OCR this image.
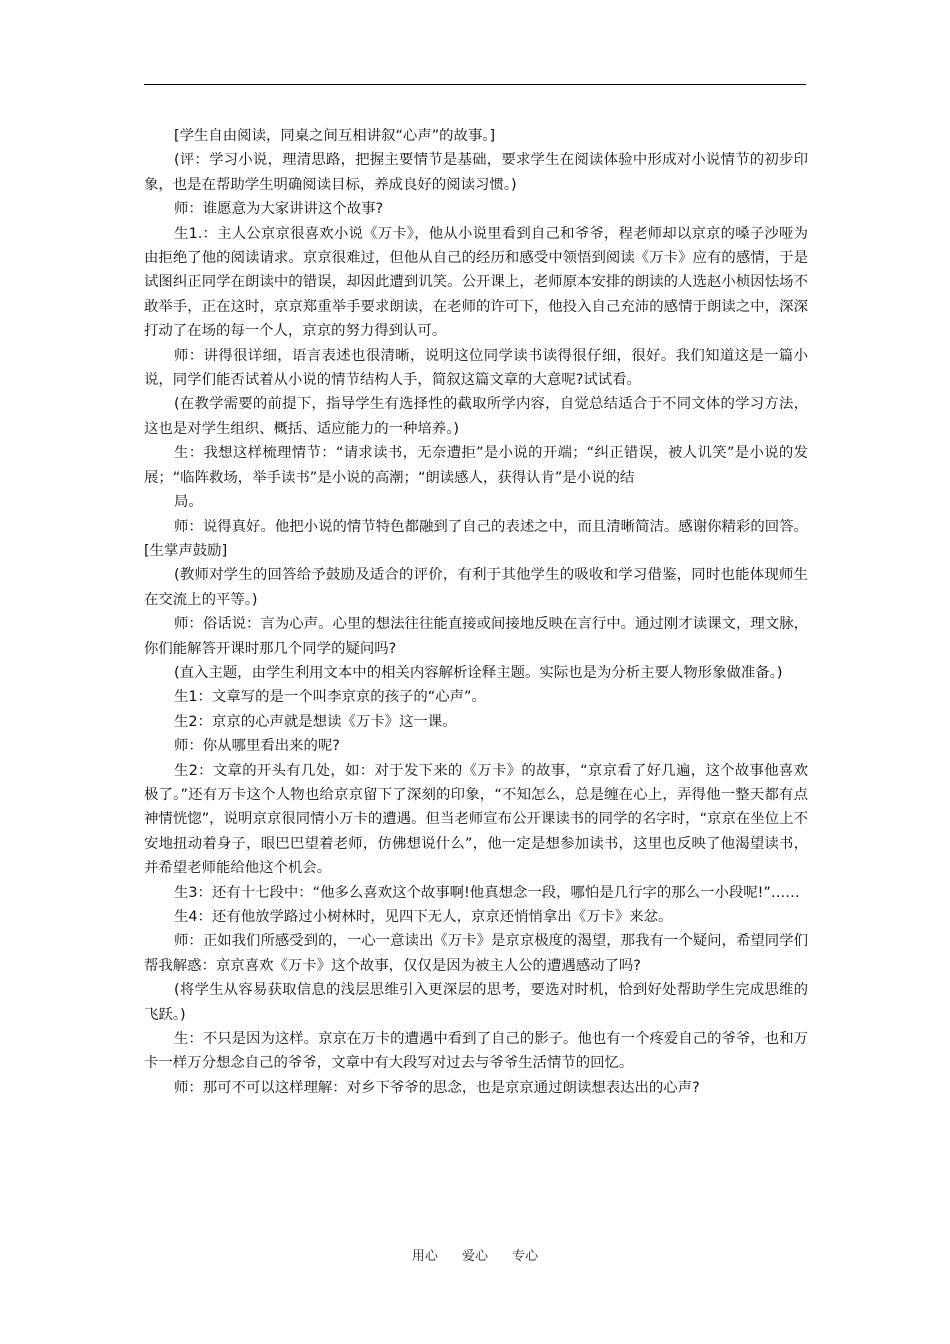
[学生自由阅读，同桌之间互相讲叙“心声”的故事。]

(评：学习小说，理清思路，把握主要情节是基础，要求学生在阅读体验中形成对小说情节的初步印象，也是在帮助学生明确阅读目标，养成良好的阅读习惯。)

师：谁愿意为大家讲讲这个故事?

生1.：主人公京京很喜欢小说《万卡》，他从小说里看到自己和爷爷，程老师却以京京的嗓子沙哑为由拒绝了他的阅读请求。京京很难过，但他从自己的经历和感受中领悟到阅读《万卡》应有的感情，于是试图纠正同学在朗读中的错误，却因此遭到讥笑。公开课上，老师原本安排的朗读的人选赵小桢因怯场不敢举手，正在这时，京京郑重举手要求朗读，在老师的许可下，他投入自己充沛的感情于朗读之中，深深打动了在场的每一个人，京京的努力得到认可。

师：讲得很详细，语言表述也很清晰，说明这位同学读书读得很仔细，很好。我们知道这是一篇小说，同学们能否试着从小说的情节结构人手，简叙这篇文章的大意呢?试试看。

(在教学需要的前提下，指导学生有选择性的截取所学内容，自觉总结适合于不同文体的学习方法，这也是对学生组织、概括、适应能力的一种培养。)

生：我想这样梳理情节：“请求读书，无奈遭拒”是小说的开端；“纠正错误，被人讥笑”是小说的发展；“临阵救场，举手读书”是小说的高潮；“朗读感人，获得认肯”是小说的结

局。

师：说得真好。他把小说的情节特色都融到了自己的表述之中，而且清晰简洁。感谢你精彩的回答。[生掌声鼓励]

(教师对学生的回答给予鼓励及适合的评价，有利于其他学生的吸收和学习借鉴，同时也能体现师生在交流上的平等。)

师：俗话说：言为心声。心里的想法往往能直接或间接地反映在言行中。通过刚才读课文，理文脉，你们能解答开课时那几个同学的疑问吗?

(直入主题，由学生利用文本中的相关内容解析诠释主题。实际也是为分析主要人物形象做准备。)

生1：文章写的是一个叫李京京的孩子的“心声”。

生2：京京的心声就是想读《万卡》这一课。

师：你从哪里看出来的呢?

生2：文章的开头有几处，如：对于发下来的《万卡》的故事，“京京看了好几遍，这个故事他喜欢极了。”还有万卡这个人物也给京京留下了深刻的印象，“不知怎么，总是缠在心上，弄得他一整天都有点神情恍惚”，说明京京很同情小万卡的遭遇。但当老师宣布公开课读书的同学的名字时，“京京在坐位上不安地扭动着身子，眼巴巴望着老师，仿佛想说什么”，他一定是想参加读书，这里也反映了他渴望读书，并希望老师能给他这个机会。

生3：还有十七段中：“他多么喜欢这个故事啊!他真想念一段，哪怕是几行字的那么一小段呢!”……

生4：还有他放学路过小树林时，见四下无人，京京还悄悄拿出《万卡》来忿。

师：正如我们所感受到的，一心一意读出《万卡》是京京极度的渴望，那我有一个疑问，希望同学们帮我解惑：京京喜欢《万卡》这个故事，仅仅是因为被主人公的遭遇感动了吗?

(将学生从容易获取信息的浅层思维引入更深层的思考，要选对时机，恰到好处帮助学生完成思维的飞跃。)

生：不只是因为这样。京京在万卡的遭遇中看到了自己的影子。他也有一个疼爱自己的爷爷，也和万卡一样万分想念自己的爷爷，文章中有大段写对过去与爷爷生活情节的回忆。

师：那可不可以这样理解：对乡下爷爷的思念，也是京京通过朗读想表达出的心声?

用心 爱心 专心
